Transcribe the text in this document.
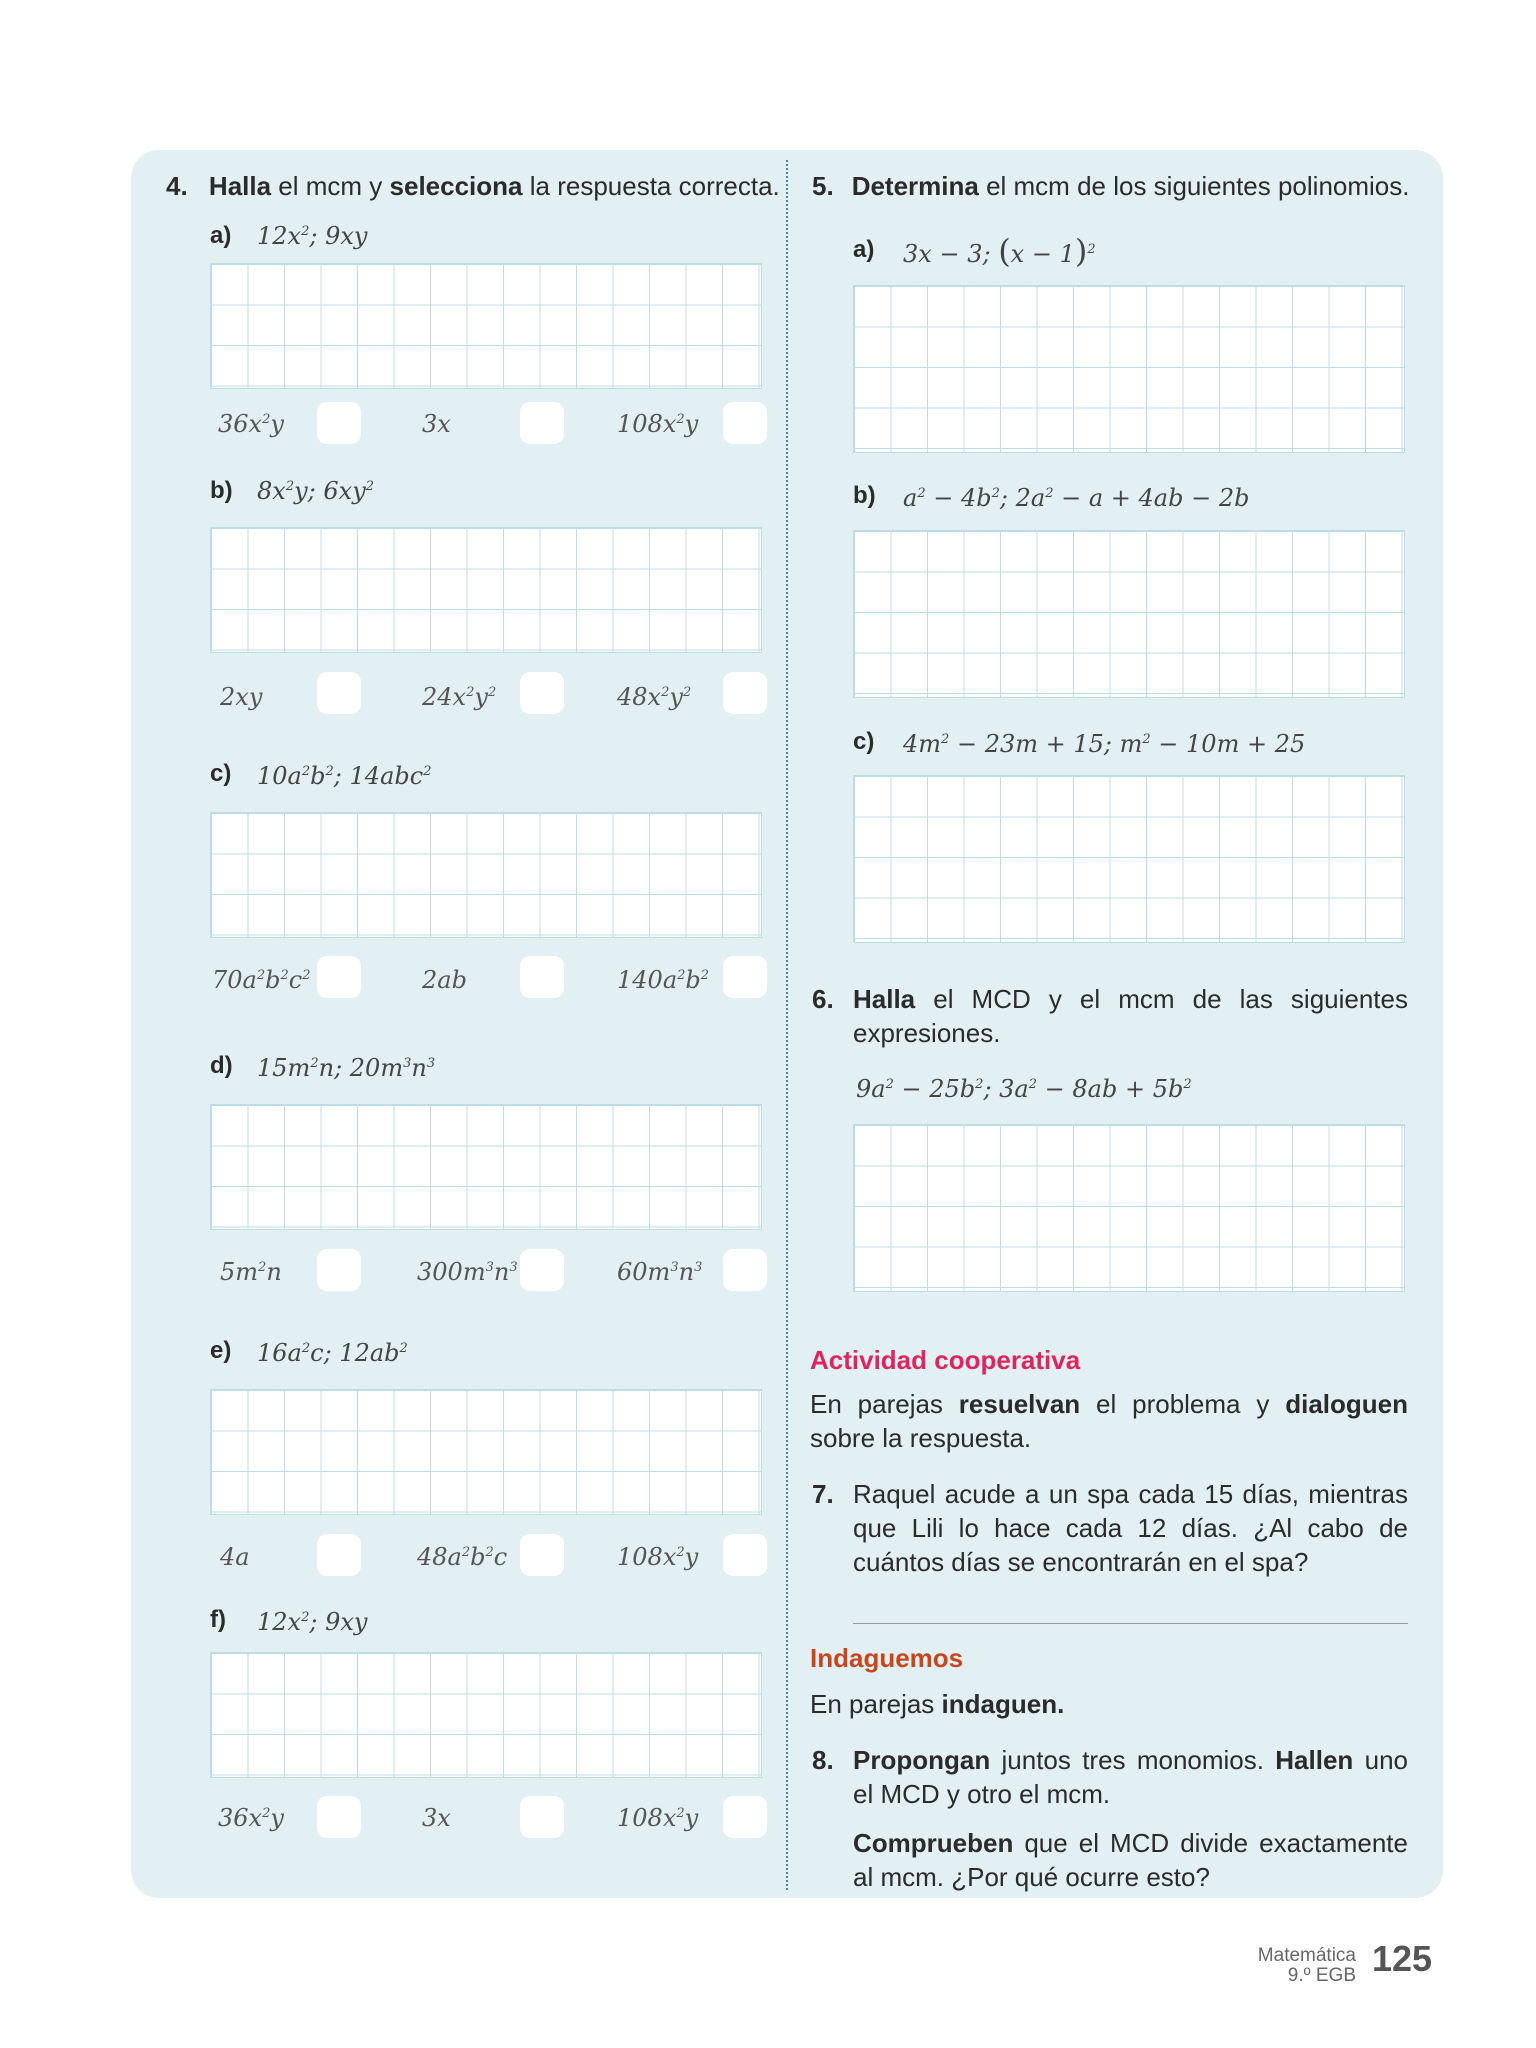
4. Halla el mcm y selecciona la respuesta correcta.
a) $12x^2$; 9xy
$36x^2y$	3x	$108x^2y$
b) $8x^2y$; $6xy^2$
2xy	$24x^2y^2$	$48x^2y^2$
c) $10a^2b^2$; 14abc$^2$
$70a^2b^2c^2$	2ab	$140a^2b^2$
d) $15m^2n$; $20m^3n^3$
$5m^2n$	$300m^3n^3$	$60m^3n^3$
e) $16a^2c$; $12ab^2$
4a	$48a^2b^2c$	$108x^2y$
f) $12x^2$; 9xy
$36x^2y$	3x	$108x^2y$
5. Determina el mcm de los siguientes polinomios.
a) 3x − 3; $(x - 1)^2$
b) $a^2 - 4b^2$; $2a^2 - a + 4ab - 2b$
c) $4m^2 - 23m + 15$; $m^2 - 10m + 25$
6. Halla el MCD y el mcm de las siguientes expresiones.
$9a^2 - 25b^2$; $3a^2 - 8ab + 5b^2$
Actividad cooperativa
En parejas resuelvan el problema y dialoguen sobre la respuesta.
7. Raquel acude a un spa cada 15 días, mientras que Lili lo hace cada 12 días. ¿Al cabo de cuántos días se encontrarán en el spa?
Indaguemos
En parejas indaguen.
8. Propongan juntos tres monomios. Hallen uno el MCD y otro el mcm.
Comprueben que el MCD divide exactamente al mcm. ¿Por qué ocurre esto?
Matemática
9.º EGB 125
